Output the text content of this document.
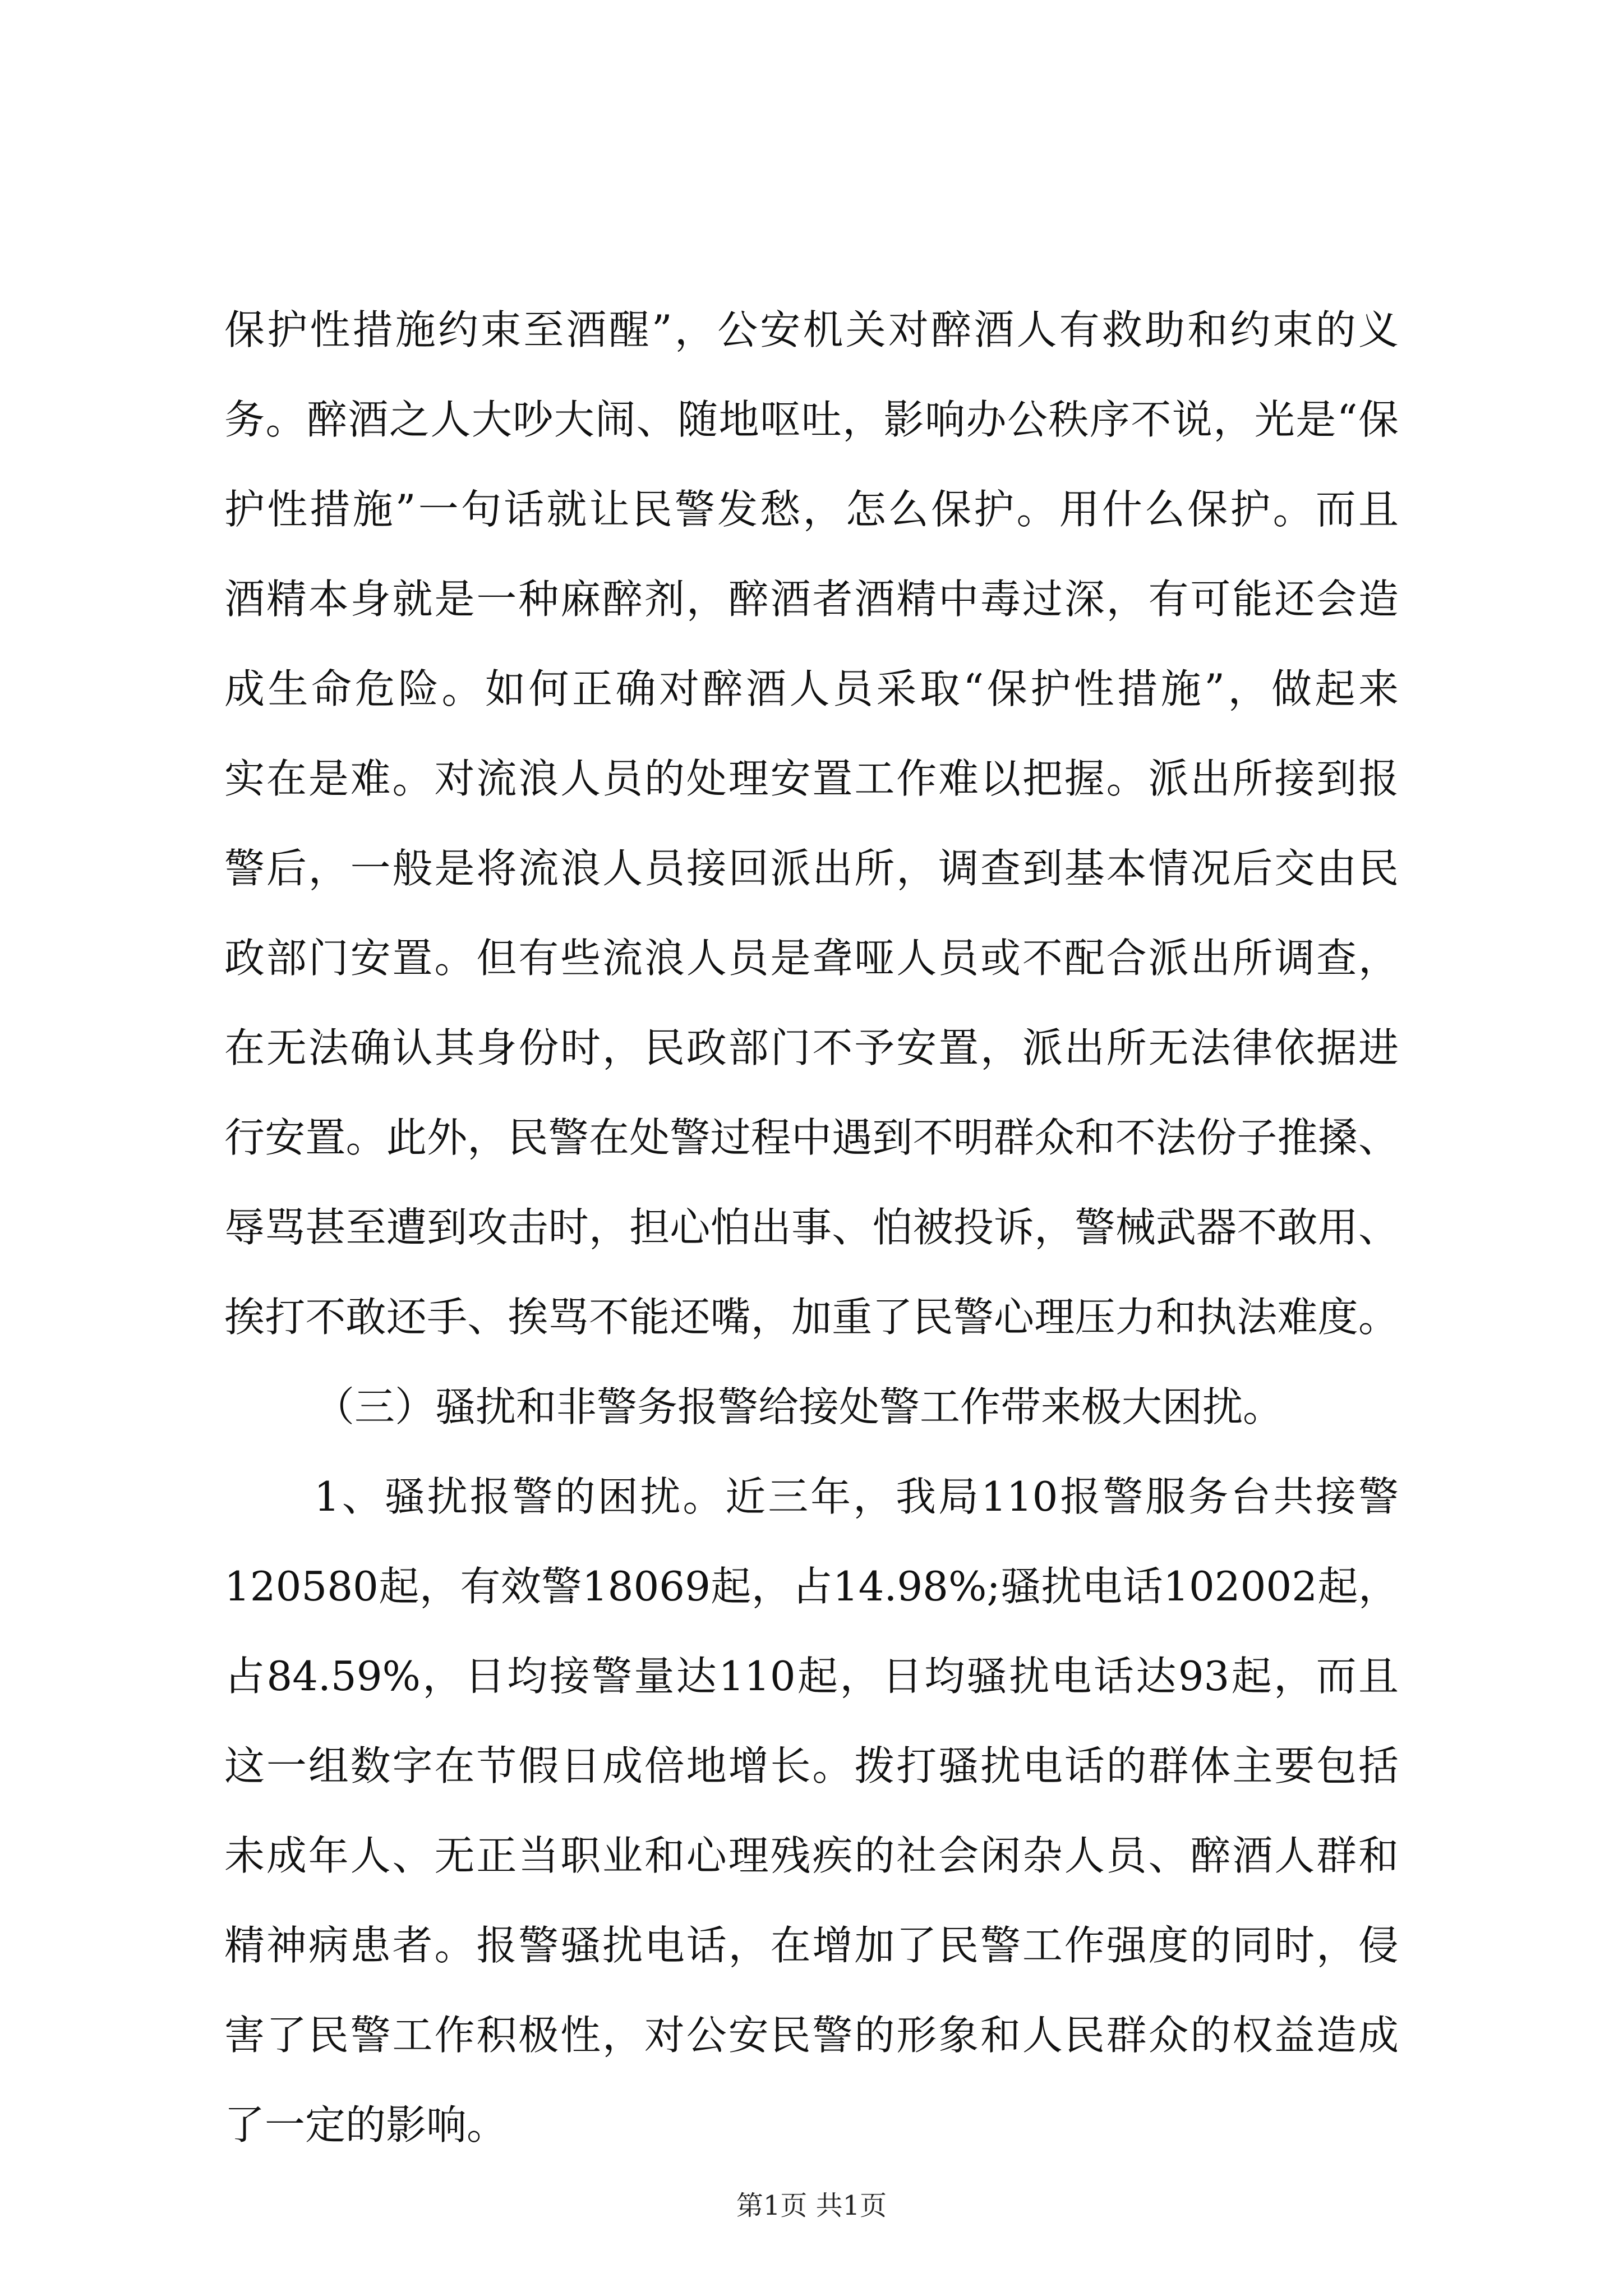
保护性措施约束至酒醒”，公安机关对醉酒人有救助和约束的义
务。醉酒之人大吵大闹、随地呕吐，影响办公秩序不说，光是“保
护性措施”一句话就让民警发愁，怎么保护。用什么保护。而且
酒精本身就是一种麻醉剂，醉酒者酒精中毒过深，有可能还会造
成生命危险。如何正确对醉酒人员采取“保护性措施”，做起来
实在是难。对流浪人员的处理安置工作难以把握。派出所接到报
警后，一般是将流浪人员接回派出所，调查到基本情况后交由民
政部门安置。但有些流浪人员是聋哑人员或不配合派出所调查，
在无法确认其身份时，民政部门不予安置，派出所无法律依据进
行安置。此外，民警在处警过程中遇到不明群众和不法份子推搡、
辱骂甚至遭到攻击时，担心怕出事、怕被投诉，警械武器不敢用、
挨打不敢还手、挨骂不能还嘴，加重了民警心理压力和执法难度。
（三）骚扰和非警务报警给接处警工作带来极大困扰。
1、骚扰报警的困扰。近三年，我局110报警服务台共接警
120580起，有效警18069起，占14.98%;骚扰电话102002起，
占84.59%，日均接警量达110起，日均骚扰电话达93起，而且
这一组数字在节假日成倍地增长。拨打骚扰电话的群体主要包括
未成年人、无正当职业和心理残疾的社会闲杂人员、醉酒人群和
精神病患者。报警骚扰电话，在增加了民警工作强度的同时，侵
害了民警工作积极性，对公安民警的形象和人民群众的权益造成
了一定的影响。
第1页 共1页
